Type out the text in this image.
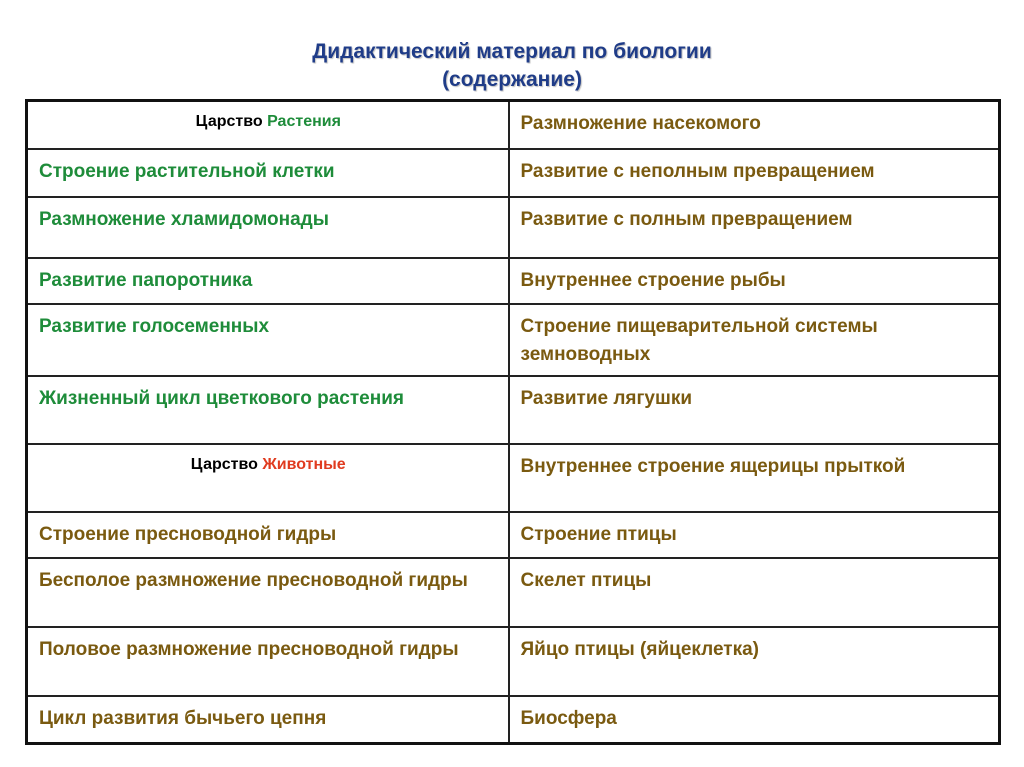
Дидактический материал по биологии
(содержание)
Царство Растения	Размножение насекомого
Строение растительной клетки	Развитие с неполным превращением
Размножение хламидомонады	Развитие с полным превращением
Развитие папоротника	Внутреннее строение рыбы
Развитие голосеменных	Строение пищеварительной системы земноводных
Жизненный цикл цветкового растения	Развитие лягушки
Царство Животные	Внутреннее строение ящерицы прыткой
Строение пресноводной гидры	Строение птицы
Бесполое размножение пресноводной гидры	Скелет птицы
Половое размножение пресноводной гидры	Яйцо птицы (яйцеклетка)
Цикл развития бычьего цепня	Биосфера
